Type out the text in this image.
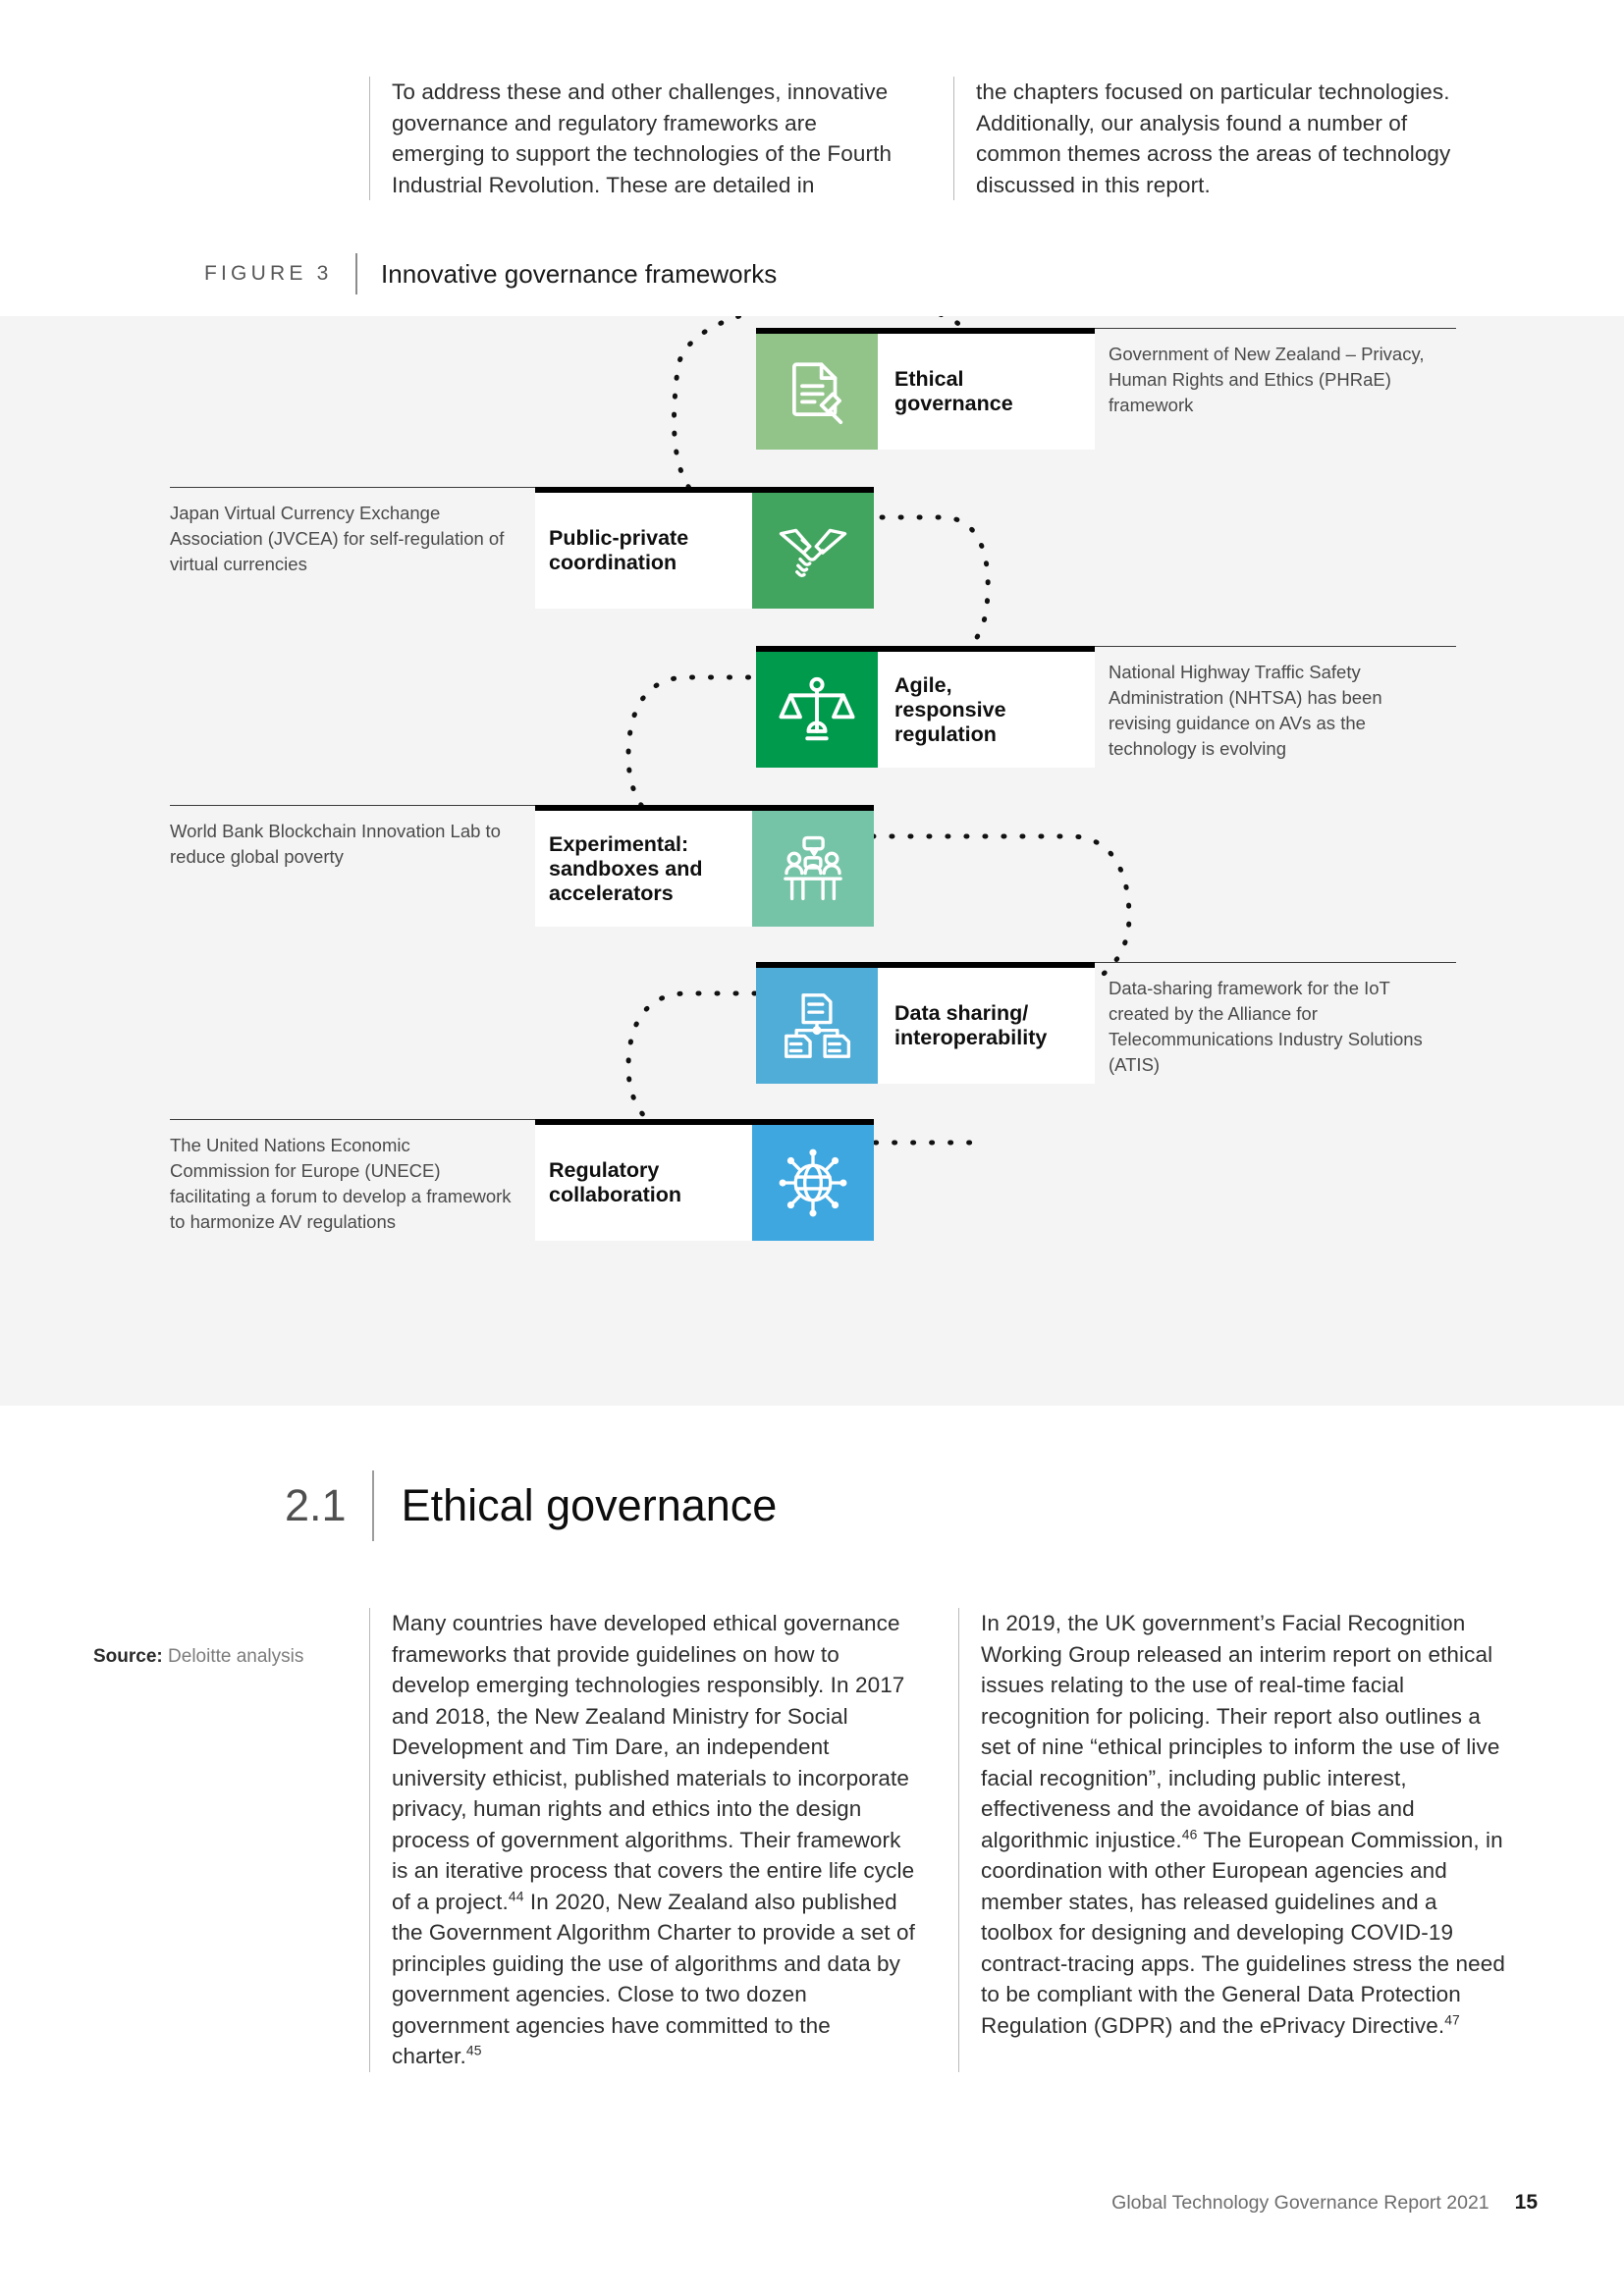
To address these and other challenges, innovative governance and regulatory frameworks are emerging to support the technologies of the Fourth Industrial Revolution. These are detailed in

the chapters focused on particular technologies. Additionally, our analysis found a number of common themes across the areas of technology discussed in this report.

FIGURE 3	Innovative governance frameworks
Ethical
governance
Government of New Zealand – Privacy, Human Rights and Ethics (PHRaE) framework
Japan Virtual Currency Exchange Association (JVCEA) for self-regulation of virtual currencies
Public-private
coordination
Agile,
responsive
regulation
National Highway Traffic Safety Administration (NHTSA) has been revising guidance on AVs as the technology is evolving
World Bank Blockchain Innovation Lab to reduce global poverty
Experimental:
sandboxes and
accelerators
Data sharing/
interoperability
Data-sharing framework for the IoT created by the Alliance for Telecommunications Industry Solutions (ATIS)
The United Nations Economic Commission for Europe (UNECE) facilitating a forum to develop a framework to harmonize AV regulations
Regulatory
collaboration
Source: Deloitte analysis
2.1	Ethical governance

Many countries have developed ethical governance frameworks that provide guidelines on how to develop emerging technologies responsibly. In 2017 and 2018, the New Zealand Ministry for Social Development and Tim Dare, an independent university ethicist, published materials to incorporate privacy, human rights and ethics into the design process of government algorithms. Their framework is an iterative process that covers the entire life cycle of a project.$^{44}$ In 2020, New Zealand also published the Government Algorithm Charter to provide a set of principles guiding the use of algorithms and data by government agencies. Close to two dozen government agencies have committed to the charter.$^{45}$

In 2019, the UK government’s Facial Recognition Working Group released an interim report on ethical issues relating to the use of real-time facial recognition for policing. Their report also outlines a set of nine “ethical principles to inform the use of live facial recognition”, including public interest, effectiveness and the avoidance of bias and algorithmic injustice.$^{46}$ The European Commission, in coordination with other European agencies and member states, has released guidelines and a toolbox for designing and developing COVID-19 contract-tracing apps. The guidelines stress the need to be compliant with the General Data Protection Regulation (GDPR) and the ePrivacy Directive.$^{47}$

Global Technology Governance Report 2021 15
